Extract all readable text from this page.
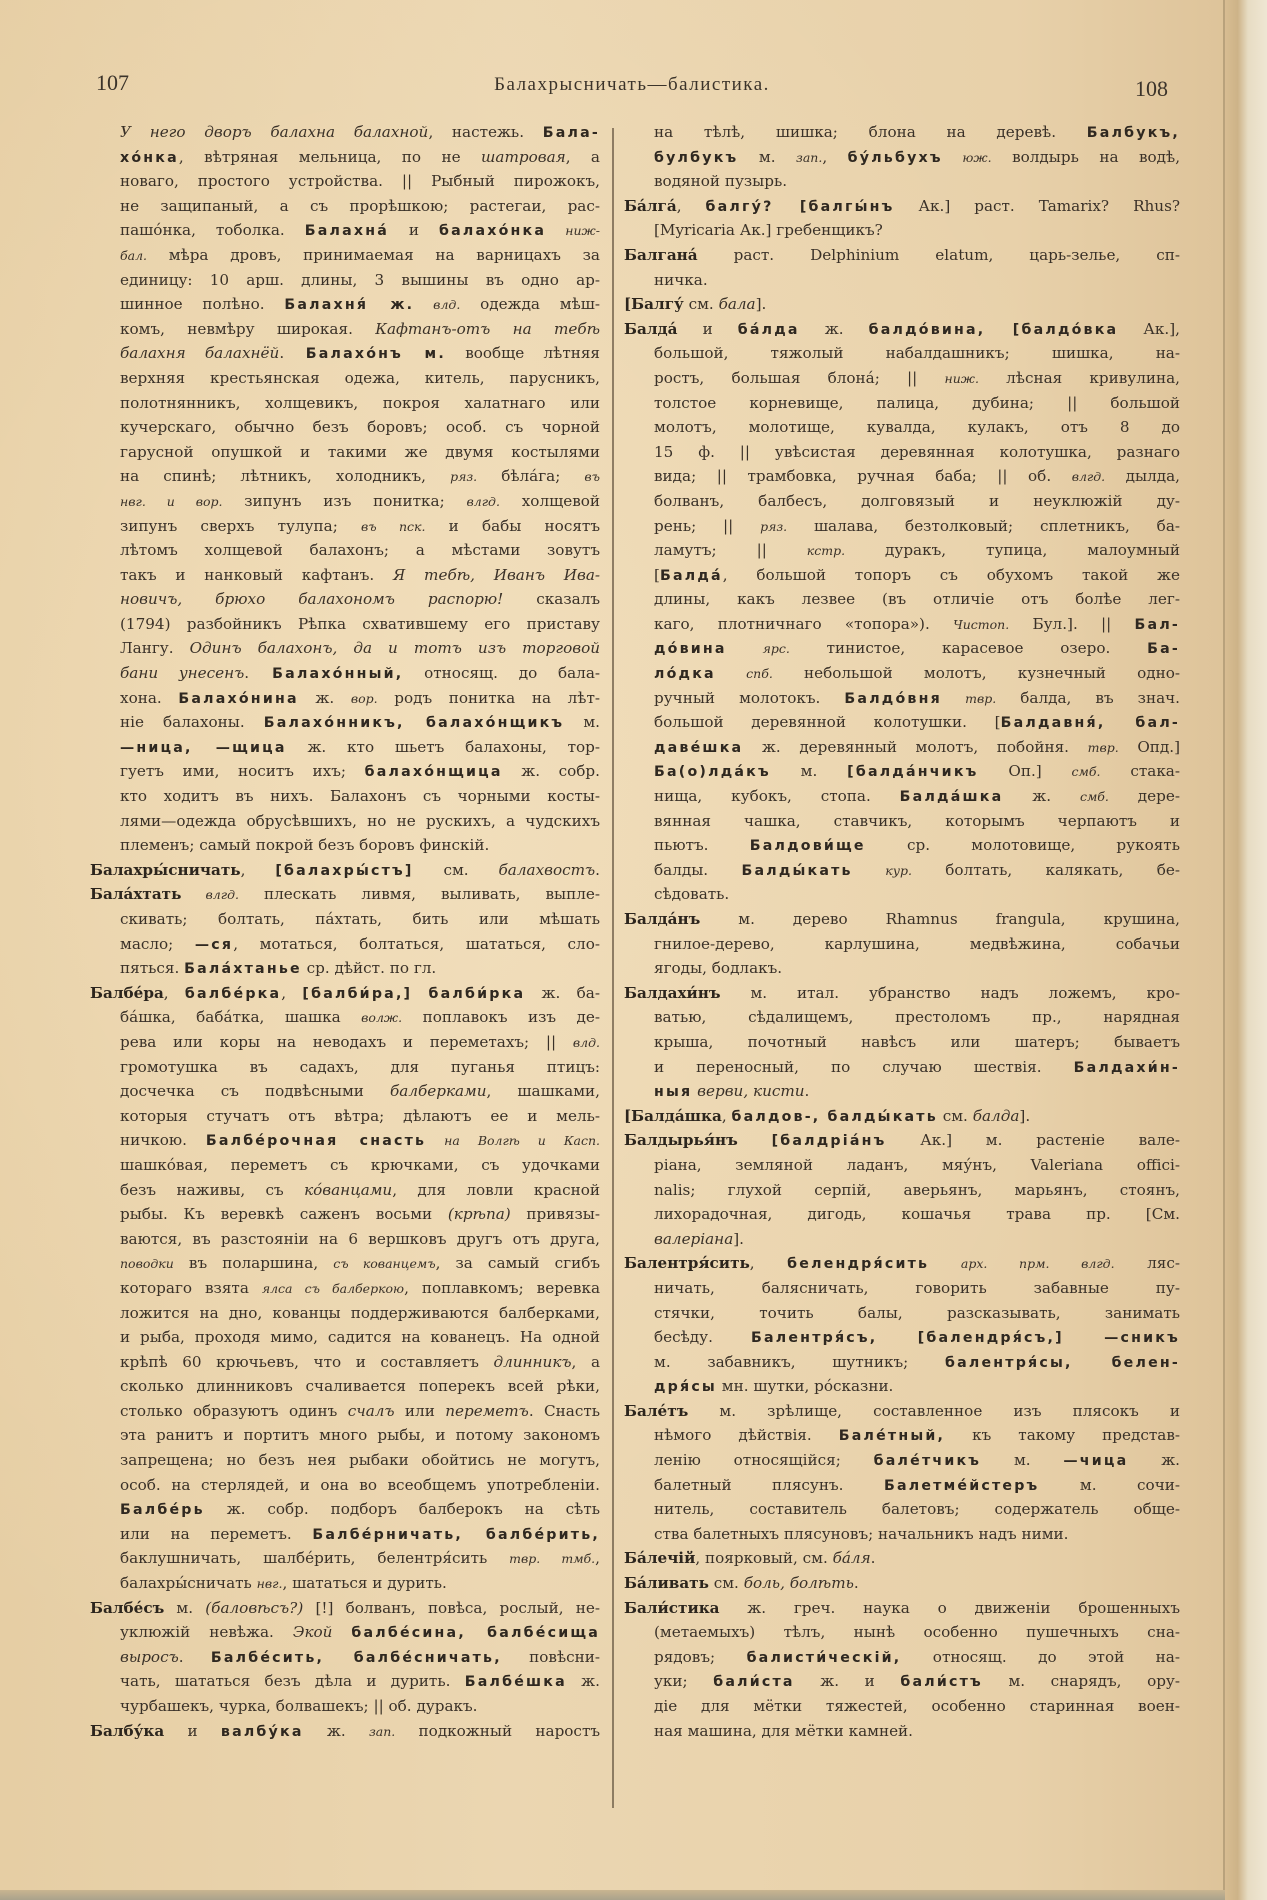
107	Балахрысничать—балистика.	108
У него дворъ балахна балахной‚ настежь. Бала-
хо́нка, вѣтряная мельница, по не шатровая, а
новаго, простого устройства. || Рыбный пирожокъ,
не защипаный, а съ прорѣшкою; растегаи, рас-
пашо́нка, тоболка. Балахна́ и балахо́нка ниж-
бал. мѣра дровъ, принимаемая на варницахъ за
единицу: 10 арш. длины, 3 вышины въ одно ар-
шинное полѣно. Балахня́ ж. влд. одежда мѣш-
комъ, невмѣру широкая. Кафтанъ-отъ на тебѣ
балахня балахнёй. Балахо́нъ м. вообще лѣтняя
верхняя крестьянская одежа, китель, парусникъ,
полотнянникъ, холщевикъ, покроя халатнаго или
кучерскаго, обычно безъ боровъ; особ. съ чорной
гарусной опушкой и такими же двумя костылями
на спинѣ; лѣтникъ, холодникъ, ряз. бѣла́га; въ
нвг. и вор. зипунъ изъ понитка; влгд. холщевой
зипунъ сверхъ тулупа; въ пск. и бабы носятъ
лѣтомъ холщевой балахонъ; а мѣстами зовутъ
такъ и нанковый кафтанъ. Я тебѣ, Иванъ Ива-
новичъ, брюхо балахономъ распорю! сказалъ
(1794) разбойникъ Рѣпка схватившему его приставу
Лангу. Одинъ балахонъ, да и тотъ изъ торговой
бани унесенъ. Балахо́нный, относящ. до бала-
хона. Балахо́нина ж. вор. родъ понитка на лѣт-
ніе балахоны. Балахо́нникъ, балахо́нщикъ м.
—ница, —щица ж. кто шьетъ балахоны, тор-
гуетъ ими, носитъ ихъ; балахо́нщица ж. собр.
кто ходитъ въ нихъ. Балахонъ съ чорными косты-
лями—одежда обрусѣвшихъ, но не рускихъ, а чудскихъ
племенъ; самый покрой безъ боровъ финскій.
Балахры́сничать, [балахры́стъ] см. балахвостъ.
Бала́хтать влгд. плескать ливмя, выливать, выпле-
скивать; болтать, па́хтать, бить или мѣшать
масло; —ся, мотаться, болтаться, шататься, сло-
пяться. Бала́хтанье ср. дѣйст. по гл.
Балбе́ра, балбе́рка, [балби́ра,] балби́рка ж. ба-
ба́шка, баба́тка, шашка волж. поплавокъ изъ де-
рева или коры на неводахъ и переметахъ; || влд.
громотушка въ садахъ, для пуганья птицъ:
досчечка съ подвѣсными балберками, шашками,
которыя стучатъ отъ вѣтра; дѣлаютъ ее и мель-
ничкою. Балбе́рочная снасть на Волгѣ и Касп.
шашко́вая, переметъ съ крючками, съ удочками
безъ наживы, съ ко́ванцами, для ловли красной
рыбы. Къ веревкѣ саженъ восьми (крѣпа) привязы-
ваются, въ разстояніи на 6 вершковъ другъ отъ друга,
поводки въ поларшина, съ кованцемъ, за самый сгибъ
котораго взята ялса съ балберкою, поплавкомъ; веревка
ложится на дно, кованцы поддерживаются балберками,
и рыба, проходя мимо, садится на кованецъ. На одной
крѣпѣ 60 крючьевъ, что и составляетъ длинникъ, а
сколько длинниковъ счаливается поперекъ всей рѣки,
столько образуютъ одинъ счалъ или переметъ. Снасть
эта ранитъ и портитъ много рыбы, и потому закономъ
запрещена; но безъ нея рыбаки обойтись не могутъ,
особ. на стерлядей, и она во всеобщемъ употребленіи.
Балбе́рь ж. собр. подборъ балберокъ на сѣть
или на переметъ. Балбе́рничать, балбе́рить,
баклушничать, шалбе́рить, белентря́сить твр. тмб.,
балахры́сничать нвг., шататься и дурить.
Балбе́съ м. (баловѣсъ?) [!] болванъ, повѣса, рослый, не-
уклюжій невѣжа. Экой балбе́сина, балбе́сища
выросъ. Балбе́сить, балбе́сничать, повѣсни-
чать, шататься безъ дѣла и дурить. Балбе́шка ж.
чурбашекъ, чурка, болвашекъ; || об. дуракъ.
Балбу́ка и валбу́ка ж. зап. подкожный наростъ
на тѣлѣ, шишка; блона на деревѣ. Балбукъ,
булбукъ м. зап., бу́льбухъ юж. волдырь на водѣ,
водяной пузырь.
Ба́лга́, балгу́? [балгы́нъ Ак.] раст. Tamarix? Rhus?
[Myricaria Ак.] гребенщикъ?
Балгана́ раст. Delphinium elatum, царь-зелье, сп-
ничка.
[Балгу́ см. бала].
Балда́ и ба́лда ж. балдо́вина, [балдо́вка Ак.],
большой, тяжолый набалдашникъ; шишка, на-
ростъ, большая блона́; || ниж. лѣсная кривулина,
толстое корневище, палица, дубина; || большой
молотъ, молотище, кувалда, кулакъ, отъ 8 до
15 ф. || увѣсистая деревянная колотушка, разнаго
вида; || трамбовка, ручная баба; || об. влгд. дылда,
болванъ, балбесъ, долговязый и неуклюжій ду-
рень; || ряз. шалава, безтолковый; сплетникъ, ба-
ламутъ; || кстр. дуракъ, тупица, малоумный
[Балда́, большой топоръ съ обухомъ такой же
длины, какъ лезвее (въ отличіе отъ болѣе лег-
каго, плотничнаго «топора»). Чистоп. Бул.]. || Бал-
до́вина ярс. тинистое, карасевое озеро. Ба-
ло́дка спб. небольшой молотъ, кузнечный одно-
ручный молотокъ. Балдо́вня твр. балда, въ знач.
большой деревянной колотушки. [Балдавня́, бал-
даве́шка ж. деревянный молотъ, побойня. твр. Опд.]
Ба(о)лда́къ м. [балда́нчикъ Оп.] смб. стака-
нища, кубокъ, стопа. Балда́шка ж. смб. дере-
вянная чашка, ставчикъ, которымъ черпаютъ и
пьютъ. Балдови́ще ср. молотовище, рукоять
балды. Балды́кать кур. болтать, калякать, бе-
сѣдовать.
Балда́нъ м. дерево Rhamnus frangula, крушина,
гнилое-дерево, карлушина, медвѣжина, собачьи
ягоды, бодлакъ.
Балдахи́нъ м. итал. убранство надъ ложемъ, кро-
ватью, сѣдалищемъ, престоломъ пр., нарядная
крыша, почотный навѣсъ или шатеръ; бываетъ
и переносный, по случаю шествія. Балдахи́н-
ныя верви, кисти.
[Балда́шка, балдов-, балды́кать см. балда].
Балдырья́нъ [балдріа́нъ Ак.] м. растеніе вале-
ріана, земляной ладанъ, мяу́нъ, Valeriana offici-
nalis; глухой серпій, аверьянъ, марьянъ, стоянъ,
лихорадочная, дигодь, кошачья трава пр. [См.
валеріана].
Балентря́сить, белендря́сить арх. прм. влгд. ляс-
ничать, балясничать, говорить забавные пу-
стячки, точить балы, разсказывать, занимать
бесѣду. Балентря́съ, [балендря́съ,] —сникъ
м. забавникъ, шутникъ; балентря́сы, белен-
дря́сы мн. шутки, ро́сказни.
Бале́тъ м. зрѣлище, составленное изъ плясокъ и
нѣмого дѣйствія. Бале́тный, къ такому представ-
ленію относящійся; бале́тчикъ м. —чица ж.
балетный плясунъ. Балетме́йстеръ м. сочи-
нитель, составитель балетовъ; содержатель обще-
ства балетныхъ плясуновъ; начальникъ надъ ними.
Ба́лечій, поярковый, см. ба́ля.
Ба́ливать см. боль, болѣть.
Бали́стика ж. греч. наука о движеніи брошенныхъ
(метаемыхъ) тѣлъ, нынѣ особенно пушечныхъ сна-
рядовъ; балисти́ческій, относящ. до этой на-
уки; бали́ста ж. и бали́стъ м. снарядъ, ору-
діе для мётки тяжестей, особенно старинная воен-
ная машина, для мётки камней.
